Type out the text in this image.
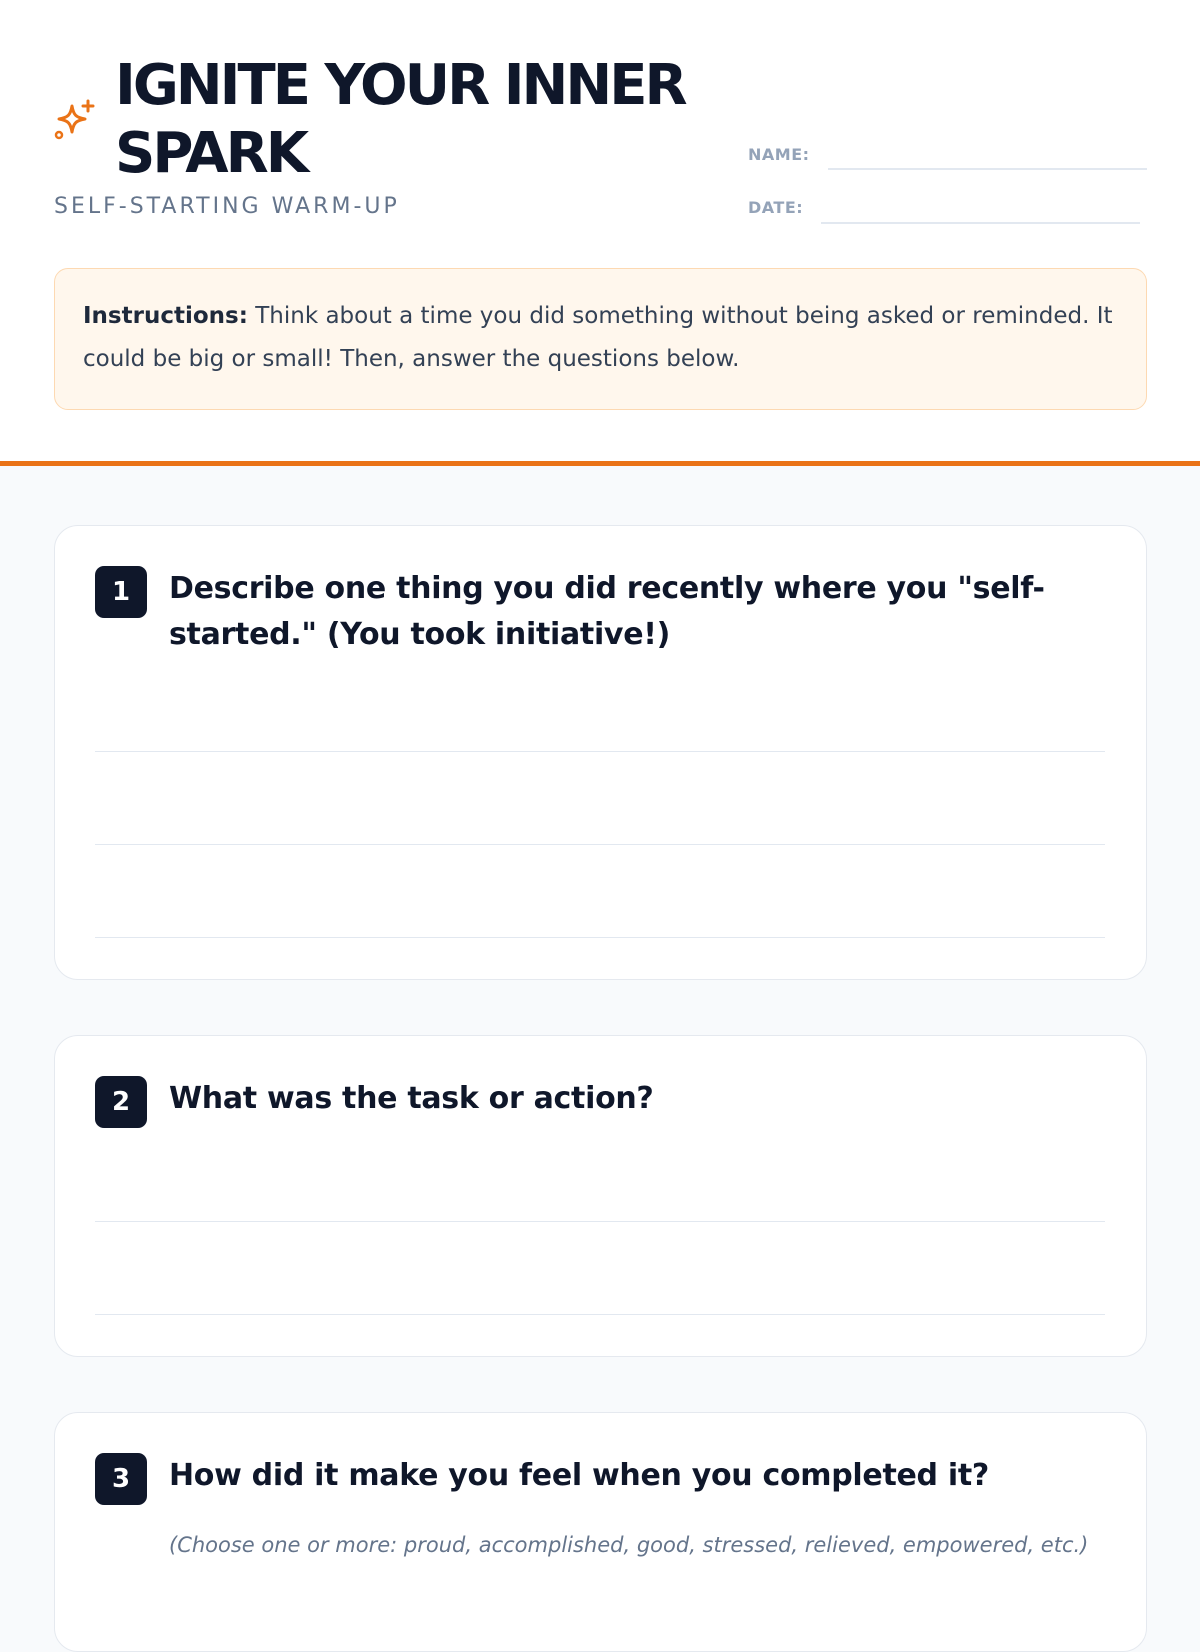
IGNITE YOUR INNER SPARK

SELF-STARTING WARM-UP

NAME:
DATE:
Instructions: Think about a time you did something without being asked or reminded. It could be big or small! Then, answer the questions below.
1	Describe one thing you did recently where you "self-started." (You took initiative!)

2	What was the task or action?

3	How did it make you feel when you completed it?

(Choose one or more: proud, accomplished, good, stressed, relieved, empowered, etc.)
